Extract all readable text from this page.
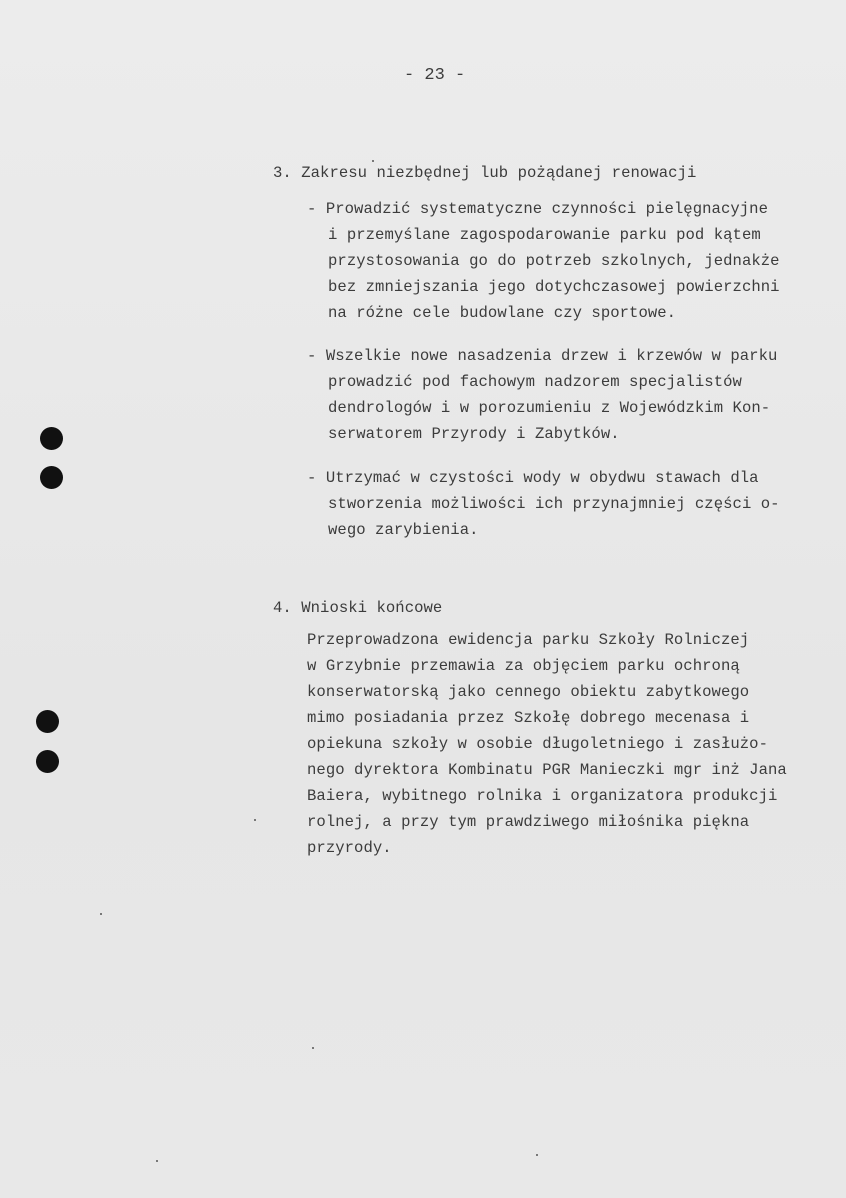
- 23 -
3. Zakresu niezbędnej lub pożądanej renowacji
- Prowadzić systematyczne czynności pielęgnacyjne
i przemyślane zagospodarowanie parku pod kątem
przystosowania go do potrzeb szkolnych, jednakże
bez zmniejszania jego dotychczasowej powierzchni
na różne cele budowlane czy sportowe.
- Wszelkie nowe nasadzenia drzew i krzewów w parku
prowadzić pod fachowym nadzorem specjalistów
dendrologów i w porozumieniu z Wojewódzkim Kon-
serwatorem Przyrody i Zabytków.
- Utrzymać w czystości wody w obydwu stawach dla
stworzenia możliwości ich przynajmniej części o-
wego zarybienia.
4. Wnioski końcowe
Przeprowadzona ewidencja parku Szkoły Rolniczej
w Grzybnie przemawia za objęciem parku ochroną
konserwatorską jako cennego obiektu zabytkowego
mimo posiadania przez Szkołę dobrego mecenasa i
opiekuna szkoły w osobie długoletniego i zasłużo-
nego dyrektora Kombinatu PGR Manieczki mgr inż Jana
Baiera, wybitnego rolnika i organizatora produkcji
rolnej, a przy tym prawdziwego miłośnika piękna
przyrody.
